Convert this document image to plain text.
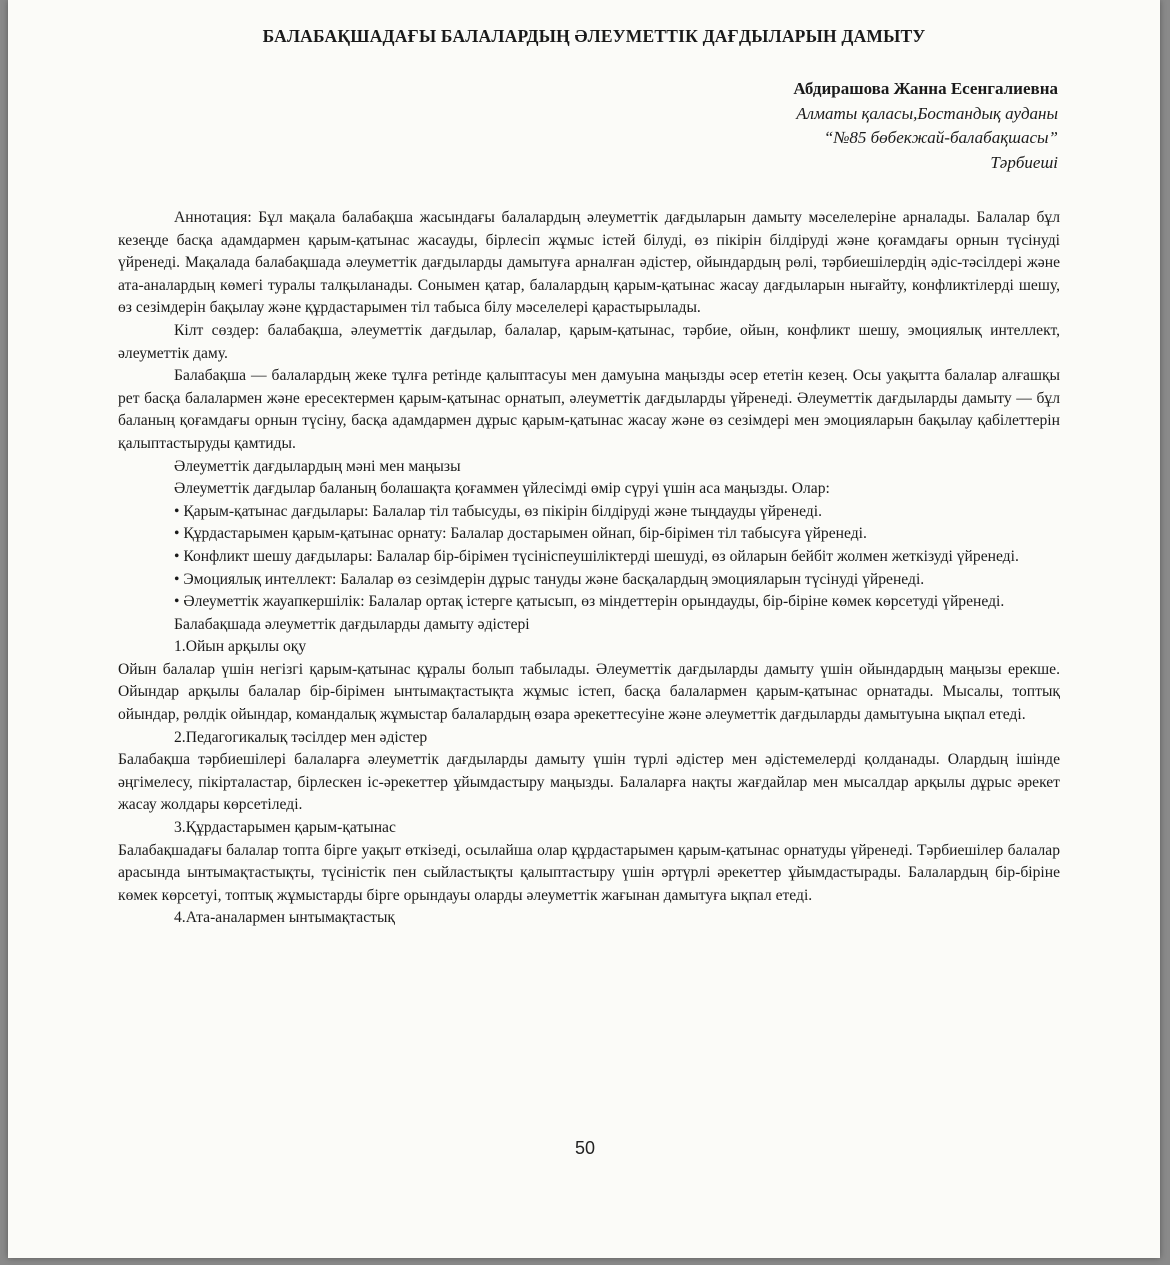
БАЛАБАҚШАДАҒЫ БАЛАЛАРДЫҢ ӘЛЕУМЕТТІК ДАҒДЫЛАРЫН ДАМЫТУ
Абдирашова Жанна Есенгалиевна
Алматы қаласы,Бостандық ауданы
“№85 бөбекжай-балабақшасы”
Тәрбиеші

Аннотация: Бұл мақала балабақша жасындағы балалардың әлеуметтік дағдыларын дамыту мәселелеріне арналады. Балалар бұл кезеңде басқа адамдармен қарым-қатынас жасауды, бірлесіп жұмыс істей білуді, өз пікірін білдіруді және қоғамдағы орнын түсінуді үйренеді. Мақалада балабақшада әлеуметтік дағдыларды дамытуға арналған әдістер, ойындардың рөлі, тәрбиешілердің әдіс-тәсілдері және ата-аналардың көмегі туралы талқыланады. Сонымен қатар, балалардың қарым-қатынас жасау дағдыларын нығайту, конфликтілерді шешу, өз сезімдерін бақылау және құрдастарымен тіл табыса білу мәселелері қарастырылады.

Кілт сөздер: балабақша, әлеуметтік дағдылар, балалар, қарым-қатынас, тәрбие, ойын, конфликт шешу, эмоциялық интеллект, әлеуметтік даму.

Балабақша — балалардың жеке тұлға ретінде қалыптасуы мен дамуына маңызды әсер ететін кезең. Осы уақытта балалар алғашқы рет басқа балалармен және ересектермен қарым-қатынас орнатып, әлеуметтік дағдыларды үйренеді. Әлеуметтік дағдыларды дамыту — бұл баланың қоғамдағы орнын түсіну, басқа адамдармен дұрыс қарым-қатынас жасау және өз сезімдері мен эмоцияларын бақылау қабілеттерін қалыптастыруды қамтиды.

Әлеуметтік дағдылардың мәні мен маңызы

Әлеуметтік дағдылар баланың болашақта қоғаммен үйлесімді өмір сүруі үшін аса маңызды. Олар:

• Қарым-қатынас дағдылары: Балалар тіл табысуды, өз пікірін білдіруді және тыңдауды үйренеді.

• Құрдастарымен қарым-қатынас орнату: Балалар достарымен ойнап, бір-бірімен тіл табысуға үйренеді.

• Конфликт шешу дағдылары: Балалар бір-бірімен түсініспеушіліктерді шешуді, өз ойларын бейбіт жолмен жеткізуді үйренеді.

• Эмоциялық интеллект: Балалар өз сезімдерін дұрыс тануды және басқалардың эмоцияларын түсінуді үйренеді.

• Әлеуметтік жауапкершілік: Балалар ортақ істерге қатысып, өз міндеттерін орындауды, бір-біріне көмек көрсетуді үйренеді.

Балабақшада әлеуметтік дағдыларды дамыту әдістері

1.Ойын арқылы оқу

Ойын балалар үшін негізгі қарым-қатынас құралы болып табылады. Әлеуметтік дағдыларды дамыту үшін ойындардың маңызы ерекше. Ойындар арқылы балалар бір-бірімен ынтымақтастықта жұмыс істеп, басқа балалармен қарым-қатынас орнатады. Мысалы, топтық ойындар, рөлдік ойындар, командалық жұмыстар балалардың өзара әрекеттесуіне және әлеуметтік дағдыларды дамытуына ықпал етеді.

2.Педагогикалық тәсілдер мен әдістер

Балабақша тәрбиешілері балаларға әлеуметтік дағдыларды дамыту үшін түрлі әдістер мен әдістемелерді қолданады. Олардың ішінде әңгімелесу, пікірталастар, бірлескен іс-әрекеттер ұйымдастыру маңызды. Балаларға нақты жағдайлар мен мысалдар арқылы дұрыс әрекет жасау жолдары көрсетіледі.

3.Құрдастарымен қарым-қатынас

Балабақшадағы балалар топта бірге уақыт өткізеді, осылайша олар құрдастарымен қарым-қатынас орнатуды үйренеді. Тәрбиешілер балалар арасында ынтымақтастықты, түсіністік пен сыйластықты қалыптастыру үшін әртүрлі әрекеттер ұйымдастырады. Балалардың бір-біріне көмек көрсетуі, топтық жұмыстарды бірге орындауы оларды әлеуметтік жағынан дамытуға ықпал етеді.

4.Ата-аналармен ынтымақтастық

50
